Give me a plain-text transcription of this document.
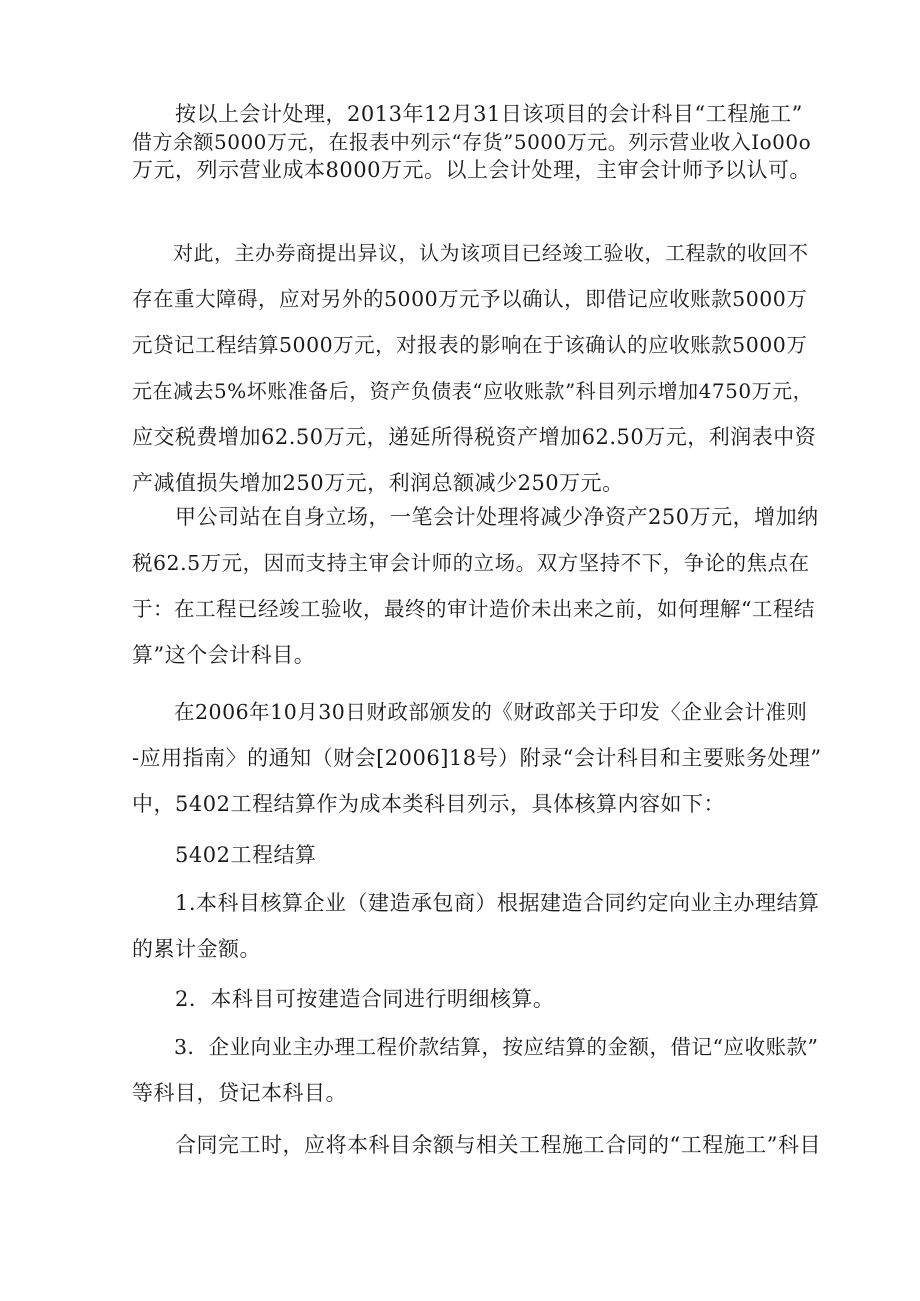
　　按以上会计处理，2013年12月31日该项目的会计科目“工程施工”
借方余额5000万元，在报表中列示“存货”5000万元。列示营业收入Io00o
万元，列示营业成本8000万元。以上会计处理，主审会计师予以认可。

　　对此，主办券商提出异议，认为该项目已经竣工验收，工程款的收回不
存在重大障碍，应对另外的5000万元予以确认，即借记应收账款5000万
元贷记工程结算5000万元，对报表的影响在于该确认的应收账款5000万
元在减去5%坏账准备后，资产负债表“应收账款”科目列示增加4750万元，
应交税费增加62.50万元，递延所得税资产增加62.50万元，利润表中资
产减值损失增加250万元，利润总额减少250万元。

　　甲公司站在自身立场，一笔会计处理将减少净资产250万元，增加纳
税62.5万元，因而支持主审会计师的立场。双方坚持不下，争论的焦点在
于：在工程已经竣工验收，最终的审计造价未出来之前，如何理解“工程结
算”这个会计科目。

　　在2006年10月30日财政部颁发的《财政部关于印发〈企业会计准则
-应用指南〉的通知（财会[2006]18号）附录“会计科目和主要账务处理”
中，5402工程结算作为成本类科目列示，具体核算内容如下：

　　5402工程结算

　　1.本科目核算企业（建造承包商）根据建造合同约定向业主办理结算
的累计金额。

　　2．本科目可按建造合同进行明细核算。

　　3．企业向业主办理工程价款结算，按应结算的金额，借记“应收账款”
等科目，贷记本科目。

　　合同完工时，应将本科目余额与相关工程施工合同的“工程施工”科目
